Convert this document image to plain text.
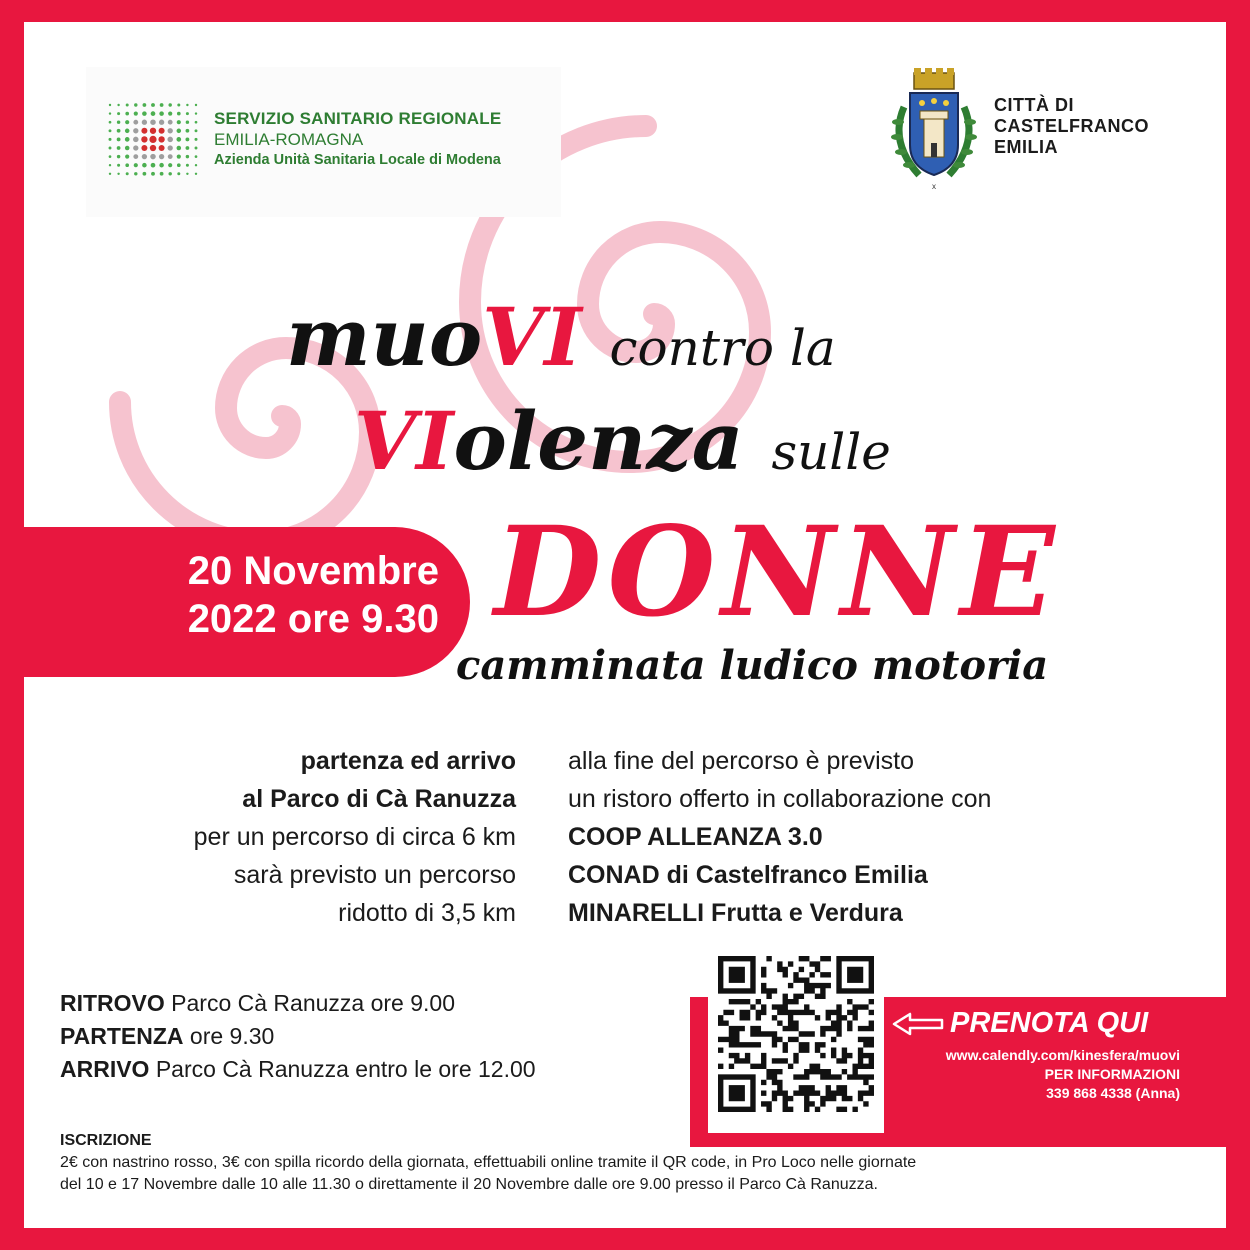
SERVIZIO SANITARIO REGIONALE
EMILIA-ROMAGNA
Azienda Unità Sanitaria Locale di Modena
x
CITTÀ DI
CASTELFRANCO
EMILIA
muoVI contro la
VIolenza sulle
DONNE
camminata ludico motoria
20 Novembre
2022 ore 9.30
partenza ed arrivo
al Parco di Cà Ranuzza
per un percorso di circa 6 km
sarà previsto un percorso
ridotto di 3,5 km
alla fine del percorso è previsto
un ristoro offerto in collaborazione con
COOP ALLEANZA 3.0
CONAD di Castelfranco Emilia
MINARELLI Frutta e Verdura
RITROVO Parco Cà Ranuzza ore 9.00
PARTENZA ore 9.30
ARRIVO Parco Cà Ranuzza entro le ore 12.00
PRENOTA QUI
www.calendly.com/kinesfera/muovi
PER INFORMAZIONI
339 868 4338 (Anna)
ISCRIZIONE
2€ con nastrino rosso, 3€ con spilla ricordo della giornata, effettuabili online tramite il QR code, in Pro Loco nelle giornate
del 10 e 17 Novembre dalle 10 alle 11.30 o direttamente il 20 Novembre dalle ore 9.00 presso il Parco Cà Ranuzza.
